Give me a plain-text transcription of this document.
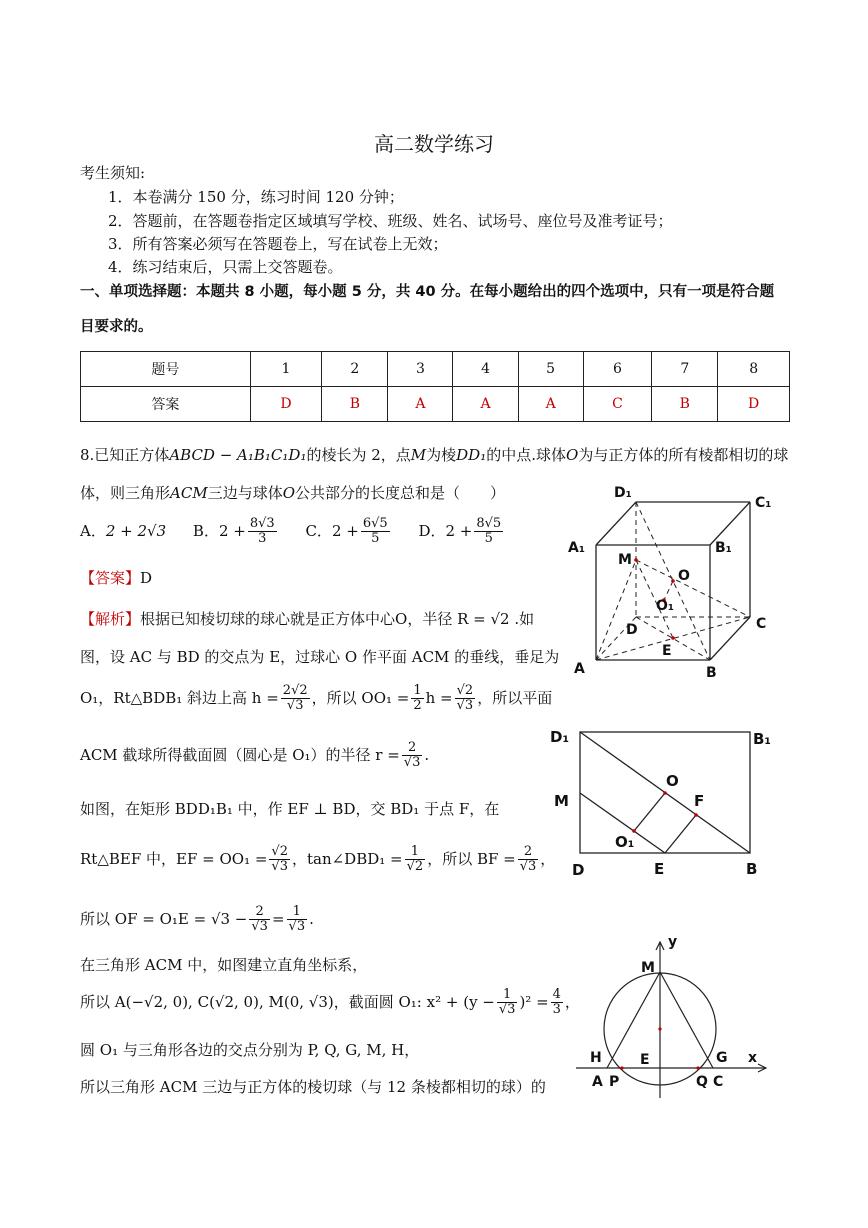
高二数学练习
考生须知:
1．本卷满分 150 分，练习时间 120 分钟；
2．答题前，在答题卷指定区域填写学校、班级、姓名、试场号、座位号及准考证号；
3．所有答案必须写在答题卷上，写在试卷上无效；
4．练习结束后，只需上交答题卷。
一、单项选择题：本题共 8 小题，每小题 5 分，共 40 分。在每小题给出的四个选项中，只有一项是符合题
目要求的。
题号	1	2	3	4	5	6	7	8
答案	D	B	A	A	A	C	B	D
8.已知正方体ABCD − A₁B₁C₁D₁的棱长为 2，点M为棱DD₁的中点.球体O为与正方体的所有棱都相切的球
体，则三角形ACM三边与球体O公共部分的长度总和是（　　）
A．2 + 2√3 B．$2 + \frac{8√3}{3}$ C．$2 + \frac{6√5}{5}$ D．$2 + \frac{8√5}{5}$
【答案】D
【解析】根据已知棱切球的球心就是正方体中心O，半径 R = √2 .如
图，设 AC 与 BD 的交点为 E，过球心 O 作平面 ACM 的垂线，垂足为
O₁，Rt△BDB₁ 斜边上高 $h = \frac{2√2}{√3}$ ，所以 $OO_1 = \frac{1}{2}$ $h = \frac{√2}{√3}$ ，所以平面
ACM 截球所得截面圆（圆心是 O₁）的半径 $r = \frac{2}{√3}$ .
如图，在矩形 BDD₁B₁ 中，作 EF ⊥ BD，交 BD₁ 于点 F，在
Rt△BEF 中，EF = $OO_1 = \frac{√2}{√3}$ ，tan∠DBD₁ = $\frac{1}{√2}$ ，所以 BF = $\frac{2}{√3}$ ，
所以 OF = $O_1E = √3 - \frac{2}{√3} = \frac{1}{√3}$ .
在三角形 ACM 中，如图建立直角坐标系，
所以 A(−√2, 0), C(√2, 0), M(0, √3)，截面圆 O₁: $x^2 + (y - \frac{1}{√3} )^2 = \frac{4}{3}$ ，
圆 O₁ 与三角形各边的交点分别为 P, Q, G, M, H，
所以三角形 ACM 三边与正方体的棱切球（与 12 条棱都相切的球）的
D₁
C₁
A₁	B₁
M
O
O₁
D	C
A
E
B
D₁	B₁
O
M	F
O₁
D	E	B
y
M
H	E	G x
A P	Q C
